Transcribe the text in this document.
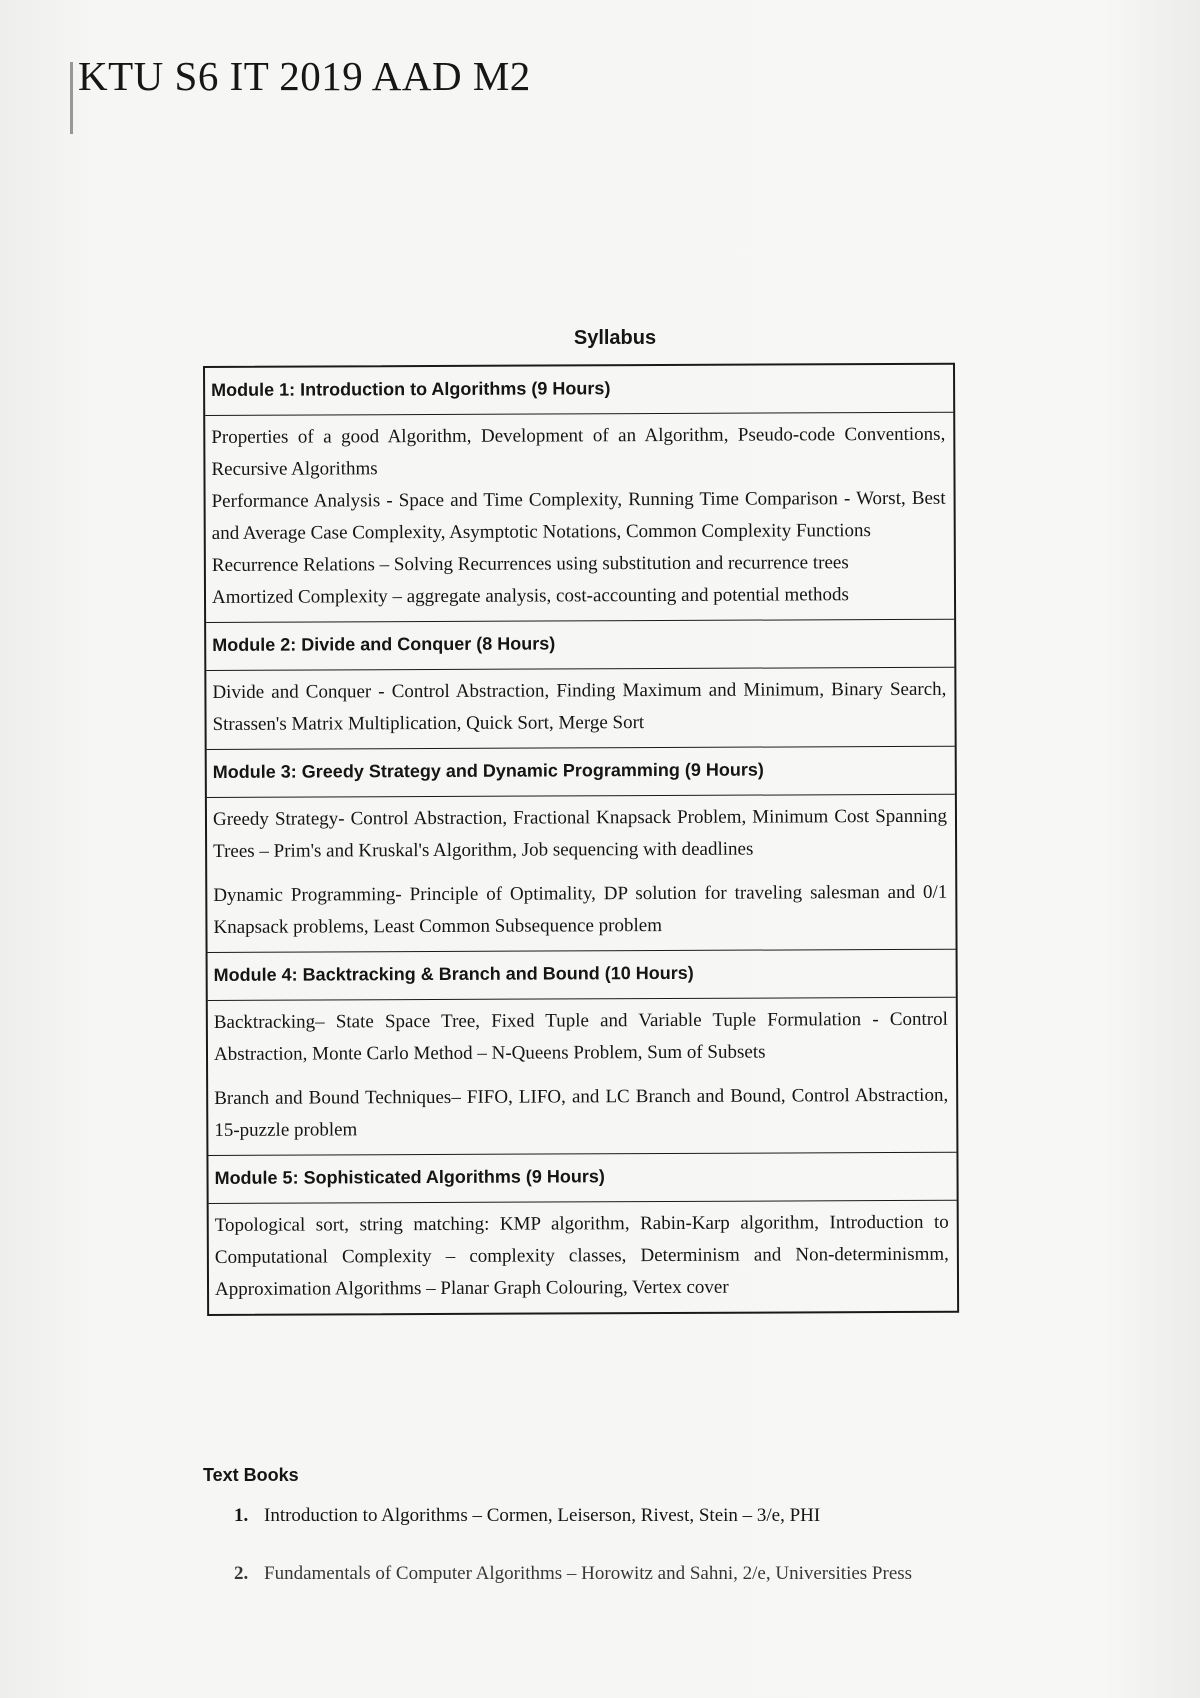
KTU S6 IT 2019 AAD M2
Syllabus
Module 1: Introduction to Algorithms (9 Hours)

Properties of a good Algorithm, Development of an Algorithm, Pseudo-code Conventions, Recursive Algorithms

Performance Analysis - Space and Time Complexity, Running Time Comparison - Worst, Best and Average Case Complexity, Asymptotic Notations, Common Complexity Functions

Recurrence Relations – Solving Recurrences using substitution and recurrence trees

Amortized Complexity – aggregate analysis, cost-accounting and potential methods

Module 2: Divide and Conquer (8 Hours)

Divide and Conquer - Control Abstraction, Finding Maximum and Minimum, Binary Search, Strassen's Matrix Multiplication, Quick Sort, Merge Sort

Module 3: Greedy Strategy and Dynamic Programming (9 Hours)

Greedy Strategy- Control Abstraction, Fractional Knapsack Problem, Minimum Cost Spanning Trees – Prim's and Kruskal's Algorithm, Job sequencing with deadlines

Dynamic Programming- Principle of Optimality, DP solution for traveling salesman and 0/1 Knapsack problems, Least Common Subsequence problem

Module 4: Backtracking & Branch and Bound (10 Hours)

Backtracking– State Space Tree, Fixed Tuple and Variable Tuple Formulation - Control Abstraction, Monte Carlo Method – N-Queens Problem, Sum of Subsets

Branch and Bound Techniques– FIFO, LIFO, and LC Branch and Bound, Control Abstraction, 15-puzzle problem

Module 5: Sophisticated Algorithms (9 Hours)

Topological sort, string matching: KMP algorithm, Rabin-Karp algorithm, Introduction to Computational Complexity – complexity classes, Determinism and Non-determinismm, Approximation Algorithms – Planar Graph Colouring, Vertex cover

Text Books
1. Introduction to Algorithms – Cormen, Leiserson, Rivest, Stein – 3/e, PHI
2. Fundamentals of Computer Algorithms – Horowitz and Sahni, 2/e, Universities Press
